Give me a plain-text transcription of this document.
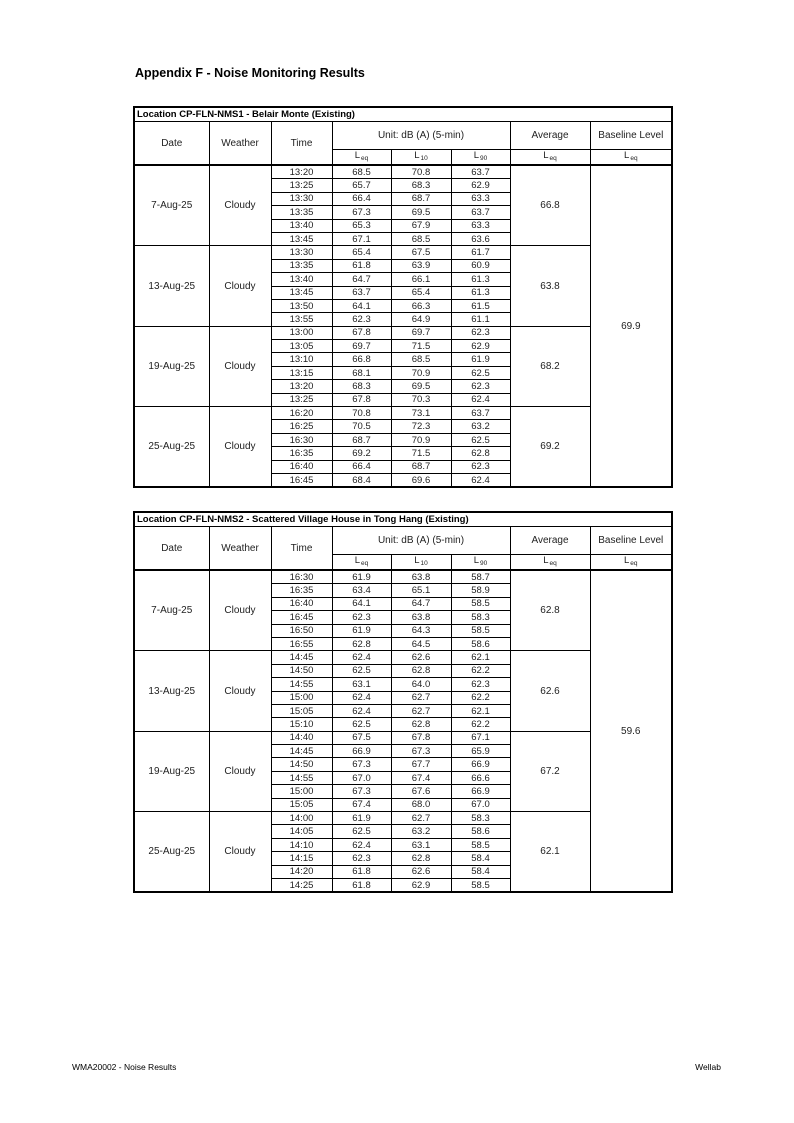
Appendix F - Noise Monitoring Results
Location CP-FLN-NMS1 - Belair Monte (Existing)							
Date	Weather	Time	Unit: dB (A) (5-min)			Average	Baseline Level
			$L_{eq}$	$L_{10}$	$L_{90}$	$L_{eq}$	$L_{eq}$
7-Aug-25	Cloudy	13:20	68.5	70.8	63.7	66.8	69.9
		13:25	65.7	68.3	62.9		
		13:30	66.4	68.7	63.3		
		13:35	67.3	69.5	63.7		
		13:40	65.3	67.9	63.3		
		13:45	67.1	68.5	63.6		
13-Aug-25	Cloudy	13:30	65.4	67.5	61.7	63.8	
		13:35	61.8	63.9	60.9		
		13:40	64.7	66.1	61.3		
		13:45	63.7	65.4	61.3		
		13:50	64.1	66.3	61.5		
		13:55	62.3	64.9	61.1		
19-Aug-25	Cloudy	13:00	67.8	69.7	62.3	68.2	
		13:05	69.7	71.5	62.9		
		13:10	66.8	68.5	61.9		
		13:15	68.1	70.9	62.5		
		13:20	68.3	69.5	62.3		
		13:25	67.8	70.3	62.4		
25-Aug-25	Cloudy	16:20	70.8	73.1	63.7	69.2	
		16:25	70.5	72.3	63.2		
		16:30	68.7	70.9	62.5		
		16:35	69.2	71.5	62.8		
		16:40	66.4	68.7	62.3		
		16:45	68.4	69.6	62.4		
Location CP-FLN-NMS2 - Scattered Village House in Tong Hang (Existing)							
Date	Weather	Time	Unit: dB (A) (5-min)			Average	Baseline Level
			$L_{eq}$	$L_{10}$	$L_{90}$	$L_{eq}$	$L_{eq}$
7-Aug-25	Cloudy	16:30	61.9	63.8	58.7	62.8	59.6
		16:35	63.4	65.1	58.9		
		16:40	64.1	64.7	58.5		
		16:45	62.3	63.8	58.3		
		16:50	61.9	64.3	58.5		
		16:55	62.8	64.5	58.6		
13-Aug-25	Cloudy	14:45	62.4	62.6	62.1	62.6	
		14:50	62.5	62.8	62.2		
		14:55	63.1	64.0	62.3		
		15:00	62.4	62.7	62.2		
		15:05	62.4	62.7	62.1		
		15:10	62.5	62.8	62.2		
19-Aug-25	Cloudy	14:40	67.5	67.8	67.1	67.2	
		14:45	66.9	67.3	65.9		
		14:50	67.3	67.7	66.9		
		14:55	67.0	67.4	66.6		
		15:00	67.3	67.6	66.9		
		15:05	67.4	68.0	67.0		
25-Aug-25	Cloudy	14:00	61.9	62.7	58.3	62.1	
		14:05	62.5	63.2	58.6		
		14:10	62.4	63.1	58.5		
		14:15	62.3	62.8	58.4		
		14:20	61.8	62.6	58.4		
		14:25	61.8	62.9	58.5		
WMA20002 - Noise Results	Wellab
